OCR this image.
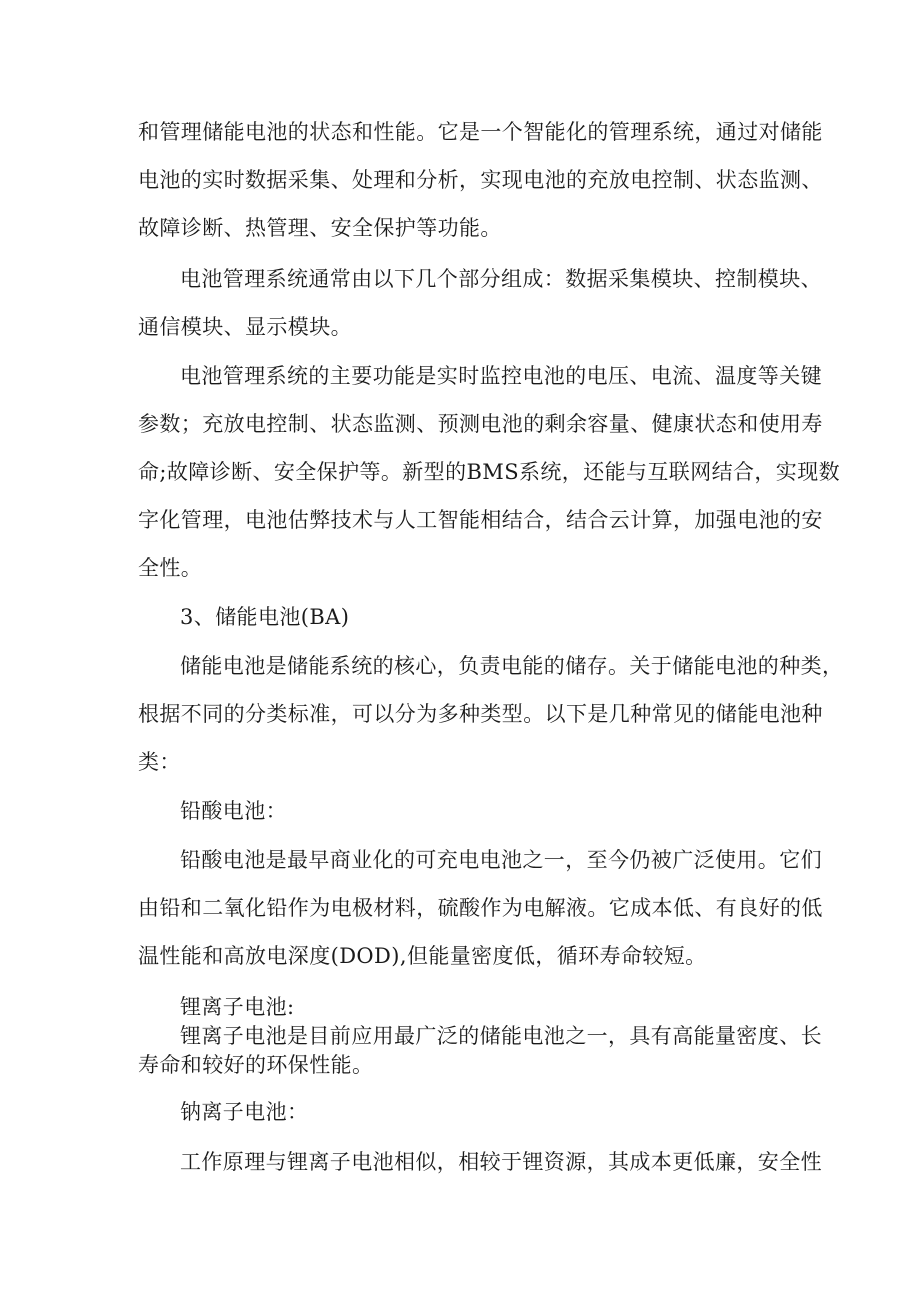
和管理储能电池的状态和性能。它是一个智能化的管理系统，通过对储能
电池的实时数据采集、处理和分析，实现电池的充放电控制、状态监测、
故障诊断、热管理、安全保护等功能。
电池管理系统通常由以下几个部分组成：数据采集模块、控制模块、
通信模块、显示模块。
电池管理系统的主要功能是实时监控电池的电压、电流、温度等关键
参数；充放电控制、状态监测、预测电池的剩余容量、健康状态和使用寿
命;故障诊断、安全保护等。新型的BMS系统，还能与互联网结合，实现数
字化管理，电池估弊技术与人工智能相结合，结合云计算，加强电池的安
全性。
3、储能电池(BA)
储能电池是储能系统的核心，负责电能的储存。关于储能电池的种类，
根据不同的分类标准，可以分为多种类型。以下是几种常见的储能电池种
类：
铅酸电池：
铅酸电池是最早商业化的可充电电池之一，至今仍被广泛使用。它们
由铅和二氧化铅作为电极材料，硫酸作为电解液。它成本低、有良好的低
温性能和高放电深度(DOD),但能量密度低，循环寿命较短。
锂离子电池:
锂离子电池是目前应用最广泛的储能电池之一，具有高能量密度、长
寿命和较好的环保性能。
钠离子电池：
工作原理与锂离子电池相似，相较于锂资源，其成本更低廉，安全性
